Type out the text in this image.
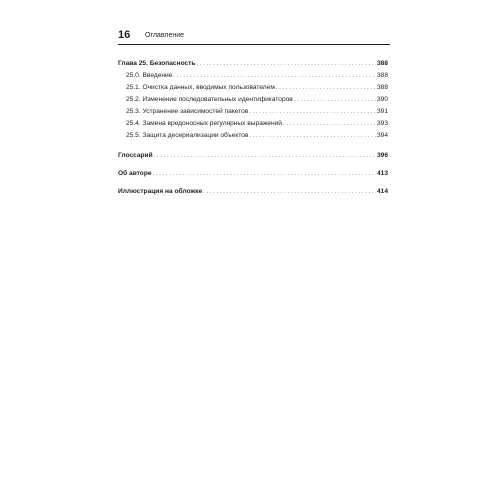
16 Оглавление
Глава 25. Безопасность . . .	388
25.0. Введение . . .	388
25.1. Очистка данных, вводимых пользователем . . .	388
25.2. Изменение последовательных идентификаторов . . .	390
25.3. Устранение зависимостей пакетов . . .	391
25.4. Замена вредоносных регулярных выражений . . .	393
25.5. Защита десериализации объектов . . .	394
Глоссарий . . .	396
Об авторе . . .	413
Иллюстрация на обложке . . .	414
